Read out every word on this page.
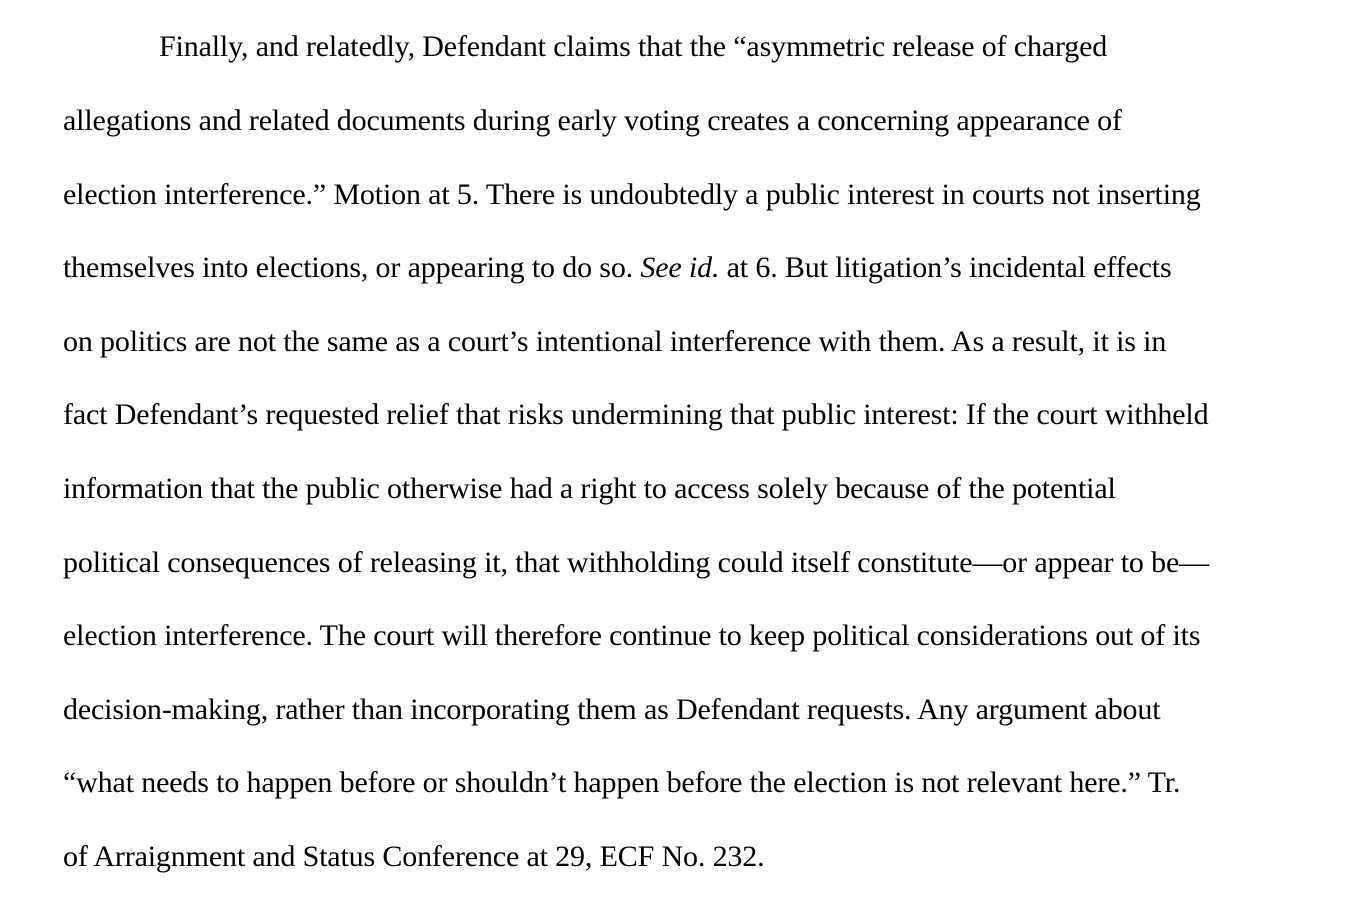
Finally, and relatedly, Defendant claims that the “asymmetric release of charged
allegations and related documents during early voting creates a concerning appearance of
election interference.” Motion at 5. There is undoubtedly a public interest in courts not inserting
themselves into elections, or appearing to do so. See id. at 6. But litigation’s incidental effects
on politics are not the same as a court’s intentional interference with them. As a result, it is in
fact Defendant’s requested relief that risks undermining that public interest: If the court withheld
information that the public otherwise had a right to access solely because of the potential
political consequences of releasing it, that withholding could itself constitute—or appear to be—
election interference. The court will therefore continue to keep political considerations out of its
decision-making, rather than incorporating them as Defendant requests. Any argument about
“what needs to happen before or shouldn’t happen before the election is not relevant here.” Tr.
of Arraignment and Status Conference at 29, ECF No. 232.
